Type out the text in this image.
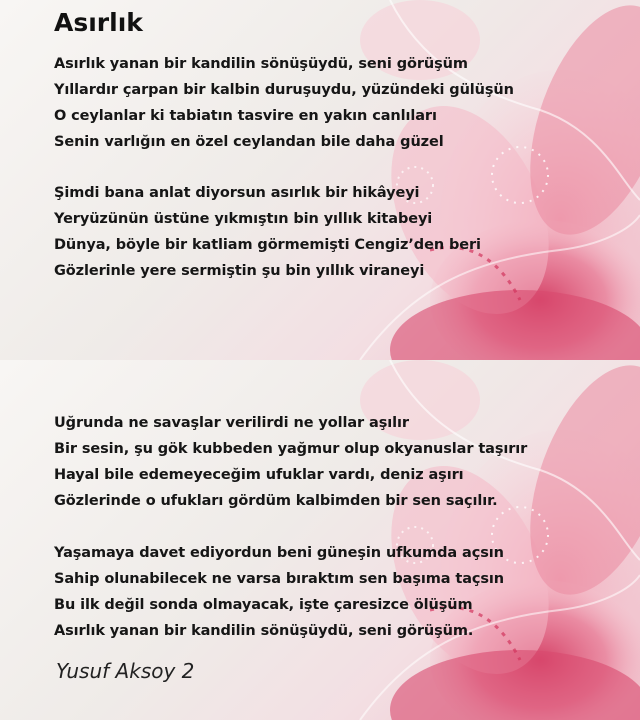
Asırlık
Asırlık yanan bir kandilin sönüşüydü, seni görüşüm
Yıllardır çarpan bir kalbin duruşuydu, yüzündeki gülüşün
O ceylanlar ki tabiatın tasvire en yakın canlıları
Senin varlığın en özel ceylandan bile daha güzel
Şimdi bana anlat diyorsun asırlık bir hikâyeyi
Yeryüzünün üstüne yıkmıştın bin yıllık kitabeyi
Dünya, böyle bir katliam görmemişti Cengiz’den beri
Gözlerinle yere sermiştin şu bin yıllık viraneyi
Uğrunda ne savaşlar verilirdi ne yollar aşılır
Bir sesin, şu gök kubbeden yağmur olup okyanuslar taşırır
Hayal bile edemeyeceğim ufuklar vardı, deniz aşırı
Gözlerinde o ufukları gördüm kalbimden bir sen saçılır.
Yaşamaya davet ediyordun beni güneşin ufkumda açsın
Sahip olunabilecek ne varsa bıraktım sen başıma taçsın
Bu ilk değil sonda olmayacak, işte çaresizce ölüşüm
Asırlık yanan bir kandilin sönüşüydü, seni görüşüm.
Yusuf Aksoy 2
